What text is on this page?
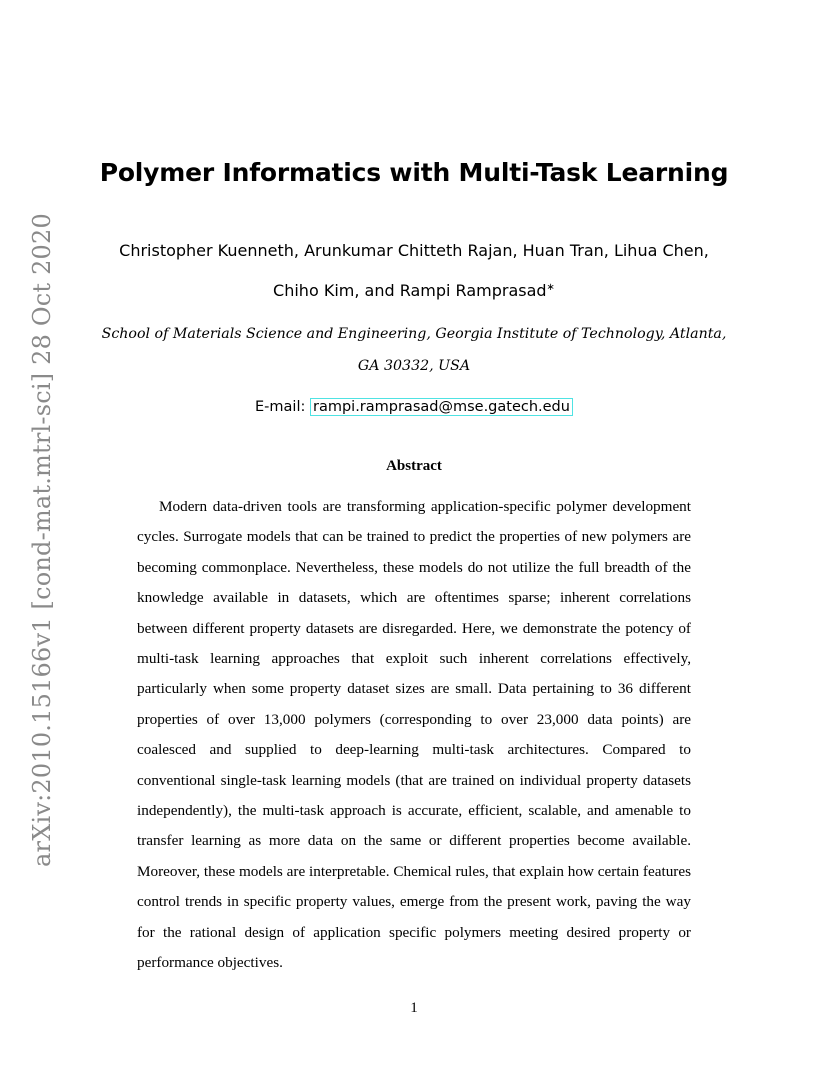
arXiv:2010.15166v1 [cond-mat.mtrl-sci] 28 Oct 2020
Polymer Informatics with Multi-Task Learning
Christopher Kuenneth, Arunkumar Chitteth Rajan, Huan Tran, Lihua Chen,
Chiho Kim, and Rampi Ramprasad∗
School of Materials Science and Engineering, Georgia Institute of Technology, Atlanta, GA 30332, USA
E-mail: rampi.ramprasad@mse.gatech.edu
Abstract

Modern data-driven tools are transforming application-specific polymer development cycles. Surrogate models that can be trained to predict the properties of new polymers are becoming commonplace. Nevertheless, these models do not utilize the full breadth of the knowledge available in datasets, which are oftentimes sparse; inherent correlations between different property datasets are disregarded. Here, we demonstrate the potency of multi-task learning approaches that exploit such inherent correlations effectively, particularly when some property dataset sizes are small. Data pertaining to 36 different properties of over 13,000 polymers (corresponding to over 23,000 data points) are coalesced and supplied to deep-learning multi-task architectures. Compared to conventional single-task learning models (that are trained on individual property datasets independently), the multi-task approach is accurate, efficient, scalable, and amenable to transfer learning as more data on the same or different properties become available. Moreover, these models are interpretable. Chemical rules, that explain how certain features control trends in specific property values, emerge from the present work, paving the way for the rational design of application specific polymers meeting desired property or performance objectives.

1
